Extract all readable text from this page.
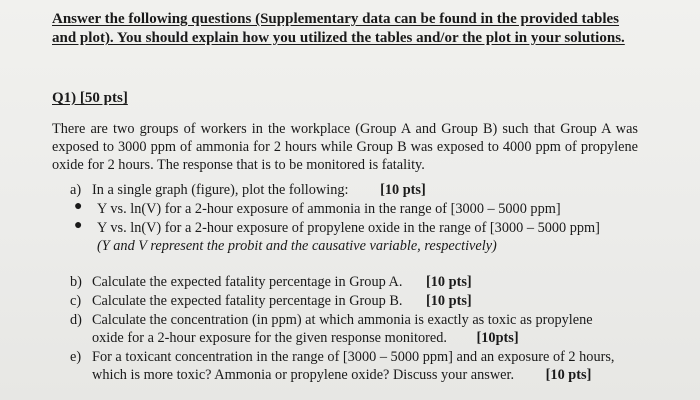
Answer the following questions (Supplementary data can be found in the provided tables
and plot). You should explain how you utilized the tables and/or the plot in your solutions.
Q1) [50 pts]
There are two groups of workers in the workplace (Group A and Group B) such that Group A was exposed to 3000 ppm of ammonia for 2 hours while Group B was exposed to 4000 ppm of propylene oxide for 2 hours. The response that is to be monitored is fatality.
a) In a single graph (figure), plot the following: [10 pts]
● Y vs. ln(V) for a 2-hour exposure of ammonia in the range of [3000 – 5000 ppm]
● Y vs. ln(V) for a 2-hour exposure of propylene oxide in the range of [3000 – 5000 ppm]
(Y and V represent the probit and the causative variable, respectively)
b) Calculate the expected fatality percentage in Group A. [10 pts]
c) Calculate the expected fatality percentage in Group B. [10 pts]
d) Calculate the concentration (in ppm) at which ammonia is exactly as toxic as propylene
oxide for a 2-hour exposure for the given response monitored. [10pts]
e) For a toxicant concentration in the range of [3000 – 5000 ppm] and an exposure of 2 hours,
which is more toxic? Ammonia or propylene oxide? Discuss your answer. [10 pts]
